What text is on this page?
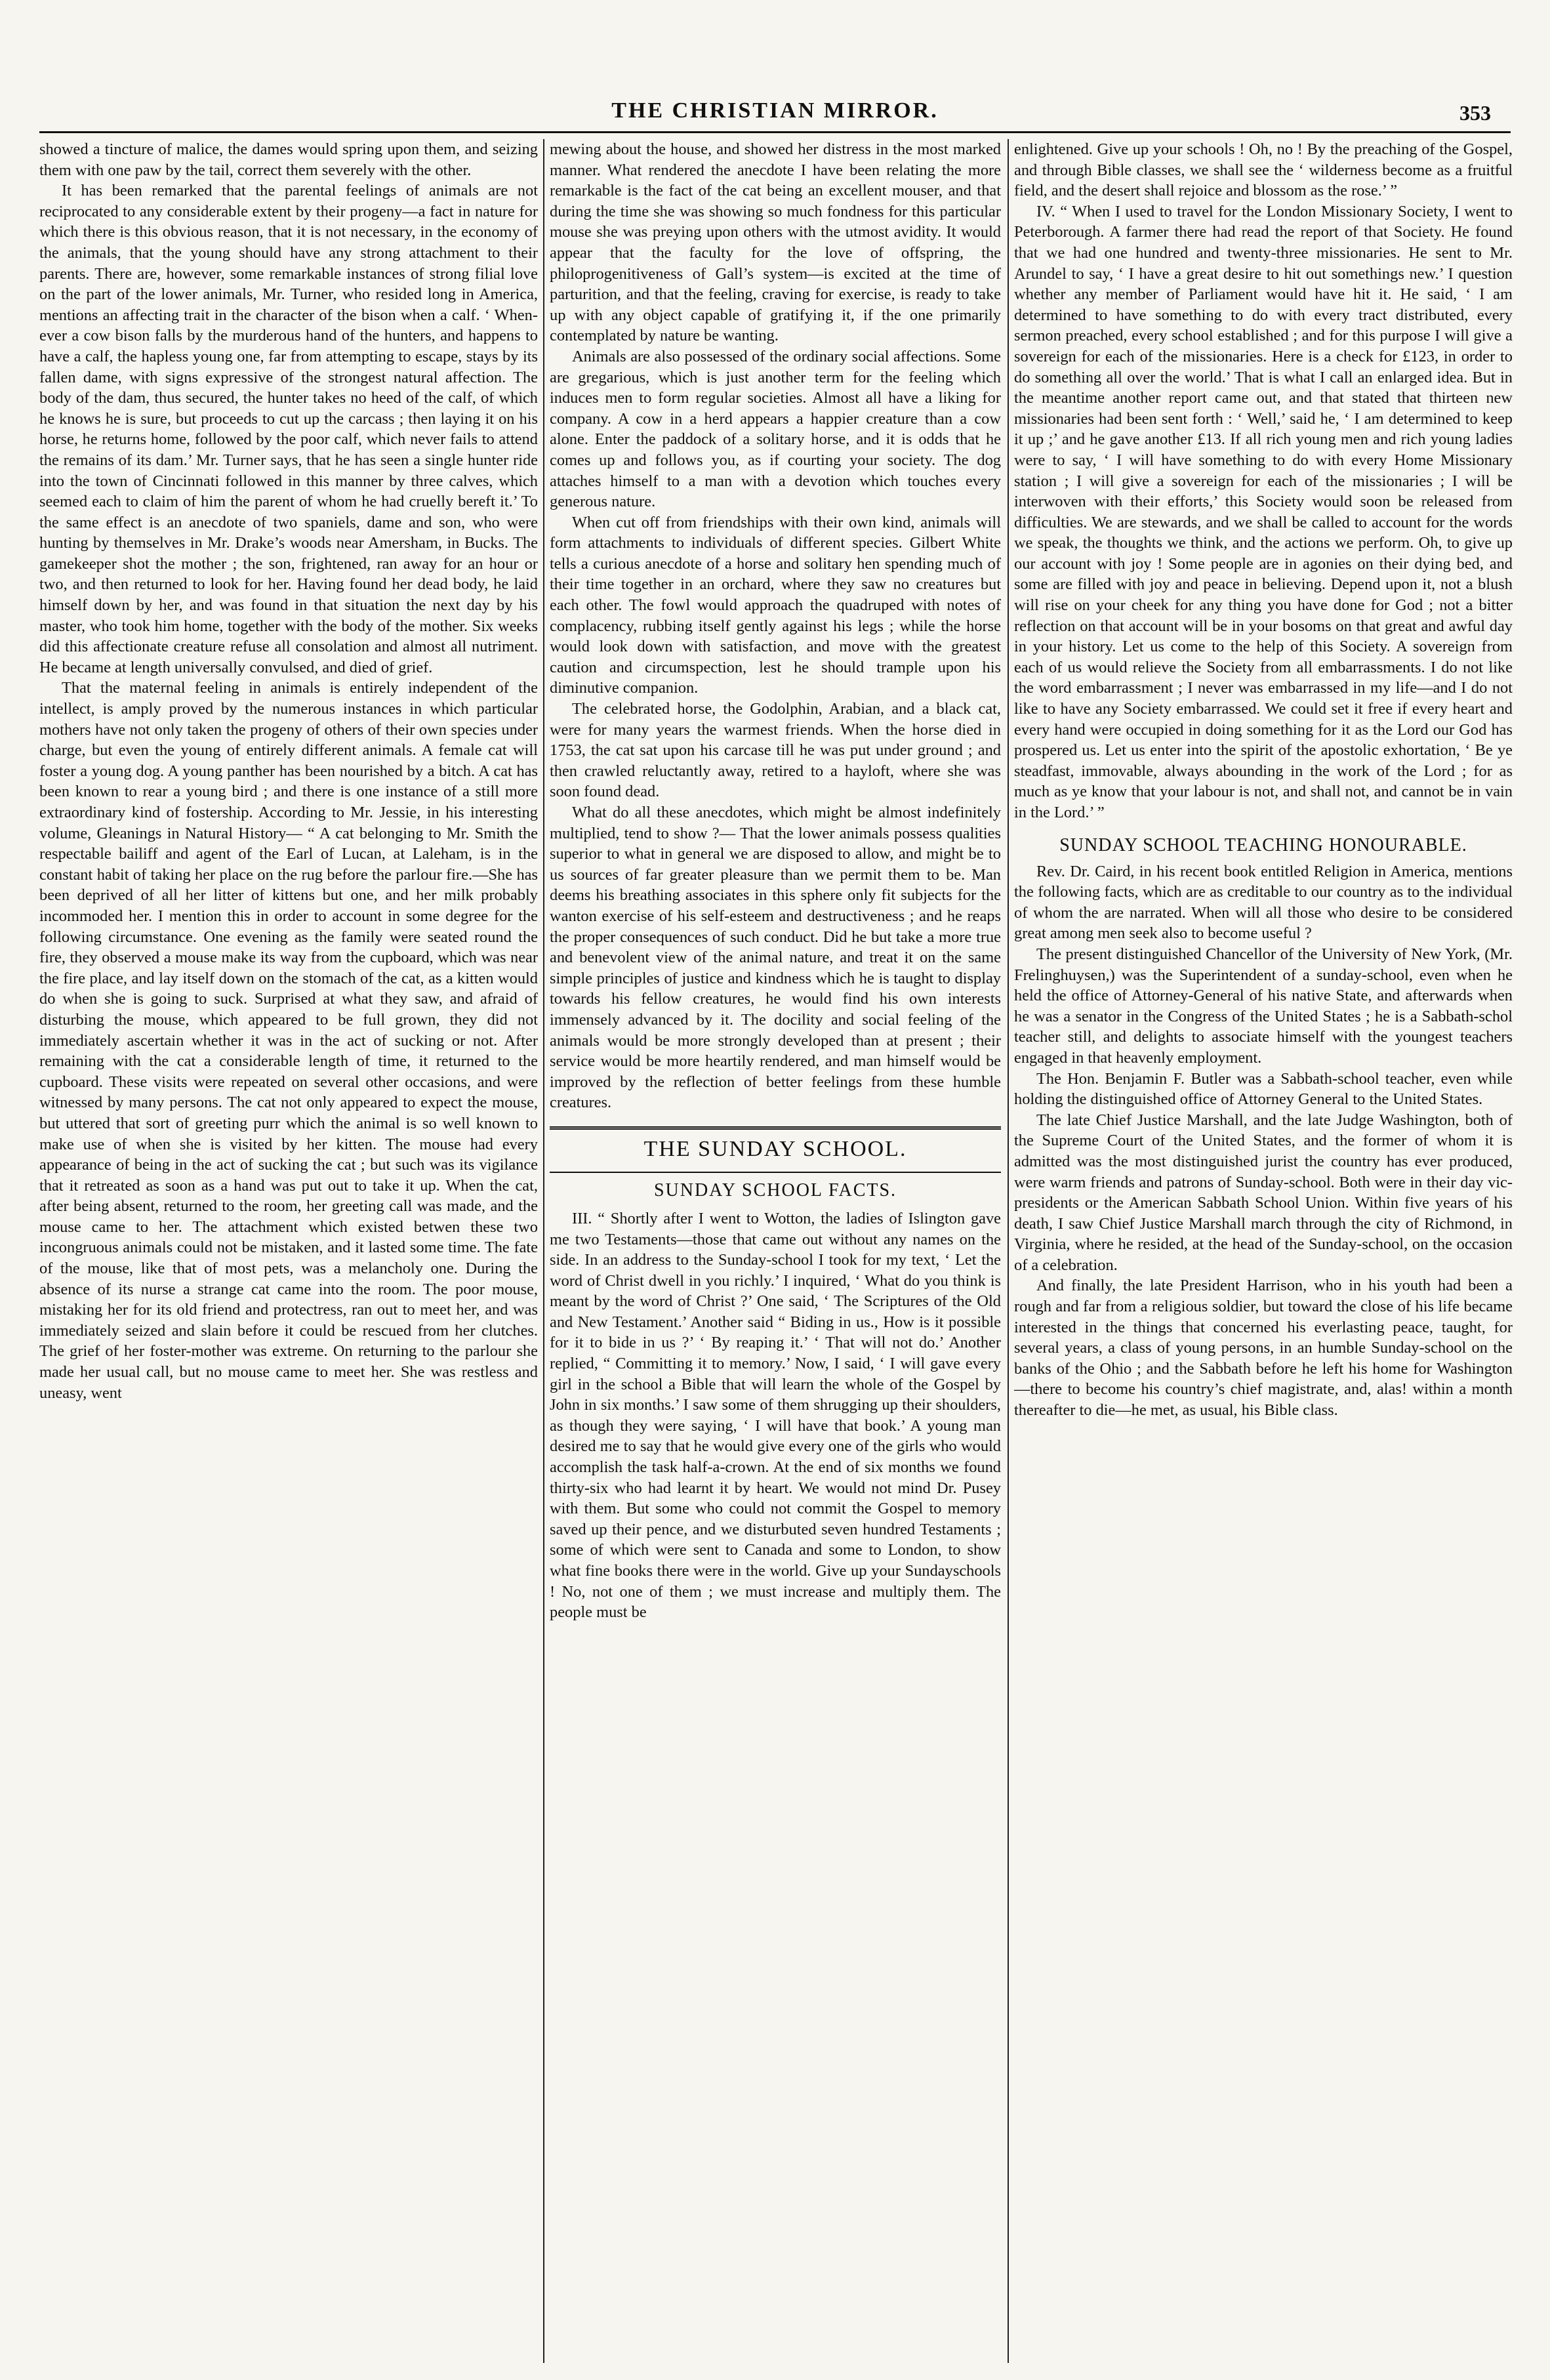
THE CHRISTIAN MIRROR.	353

showed a tincture of malice, the dames would spring upon them, and seizing them with one paw by the tail, correct them severely with the other.

It has been remarked that the parental feelings of animals are not reciprocated to any considerable extent by their progeny—a fact in nature for which there is this obvious reason, that it is not necessary, in the economy of the animals, that the young should have any strong attachment to their parents. There are, however, some remarkable instances of strong filial love on the part of the lower animals, Mr. Turner, who resided long in America, mentions an affecting trait in the character of the bison when a calf. ‘ When-ever a cow bison falls by the murderous hand of the hunters, and happens to have a calf, the hapless young one, far from attempting to escape, stays by its fallen dame, with signs expressive of the strongest natural affection. The body of the dam, thus secured, the hunter takes no heed of the calf, of which he knows he is sure, but proceeds to cut up the carcass ; then laying it on his horse, he returns home, followed by the poor calf, which never fails to attend the remains of its dam.’ Mr. Turner says, that he has seen a single hunter ride into the town of Cincinnati followed in this manner by three calves, which seemed each to claim of him the parent of whom he had cruelly bereft it.’ To the same effect is an anecdote of two spaniels, dame and son, who were hunting by themselves in Mr. Drake’s woods near Amersham, in Bucks. The gamekeeper shot the mother ; the son, frightened, ran away for an hour or two, and then returned to look for her. Having found her dead body, he laid himself down by her, and was found in that situation the next day by his master, who took him home, together with the body of the mother. Six weeks did this affectionate creature refuse all consolation and almost all nutriment. He became at length universally convulsed, and died of grief.

That the maternal feeling in animals is entirely independent of the intellect, is amply proved by the numerous instances in which particular mothers have not only taken the progeny of others of their own species under charge, but even the young of entirely different animals. A female cat will foster a young dog. A young panther has been nourished by a bitch. A cat has been known to rear a young bird ; and there is one instance of a still more extraordinary kind of fostership. According to Mr. Jessie, in his interesting volume, Gleanings in Natural History— “ A cat belonging to Mr. Smith the respectable bailiff and agent of the Earl of Lucan, at Laleham, is in the constant habit of taking her place on the rug before the parlour fire.—She has been deprived of all her litter of kittens but one, and her milk probably incommoded her. I mention this in order to account in some degree for the following circumstance. One evening as the family were seated round the fire, they observed a mouse make its way from the cupboard, which was near the fire place, and lay itself down on the stomach of the cat, as a kitten would do when she is going to suck. Surprised at what they saw, and afraid of disturbing the mouse, which appeared to be full grown, they did not immediately ascertain whether it was in the act of sucking or not. After remaining with the cat a considerable length of time, it returned to the cupboard. These visits were repeated on several other occasions, and were witnessed by many persons. The cat not only appeared to expect the mouse, but uttered that sort of greeting purr which the animal is so well known to make use of when she is visited by her kitten. The mouse had every appearance of being in the act of sucking the cat ; but such was its vigilance that it retreated as soon as a hand was put out to take it up. When the cat, after being absent, returned to the room, her greeting call was made, and the mouse came to her. The attachment which existed betwen these two incongruous animals could not be mistaken, and it lasted some time. The fate of the mouse, like that of most pets, was a melancholy one. During the absence of its nurse a strange cat came into the room. The poor mouse, mistaking her for its old friend and protectress, ran out to meet her, and was immediately seized and slain before it could be rescued from her clutches. The grief of her foster-mother was extreme. On returning to the parlour she made her usual call, but no mouse came to meet her. She was restless and uneasy, went

mewing about the house, and showed her distress in the most marked manner. What rendered the anecdote I have been relating the more remarkable is the fact of the cat being an excellent mouser, and that during the time she was showing so much fondness for this particular mouse she was preying upon others with the utmost avidity. It would appear that the faculty for the love of offspring, the philoprogenitiveness of Gall’s system—is excited at the time of parturition, and that the feeling, craving for exercise, is ready to take up with any object capable of gratifying it, if the one primarily contemplated by nature be wanting.

Animals are also possessed of the ordinary social affections. Some are gregarious, which is just another term for the feeling which induces men to form regular societies. Almost all have a liking for company. A cow in a herd appears a happier creature than a cow alone. Enter the paddock of a solitary horse, and it is odds that he comes up and follows you, as if courting your society. The dog attaches himself to a man with a devotion which touches every generous nature.

When cut off from friendships with their own kind, animals will form attachments to individuals of different species. Gilbert White tells a curious anecdote of a horse and solitary hen spending much of their time together in an orchard, where they saw no creatures but each other. The fowl would approach the quadruped with notes of complacency, rubbing itself gently against his legs ; while the horse would look down with satisfaction, and move with the greatest caution and circumspection, lest he should trample upon his diminutive companion.

The celebrated horse, the Godolphin, Arabian, and a black cat, were for many years the warmest friends. When the horse died in 1753, the cat sat upon his carcase till he was put under ground ; and then crawled reluctantly away, retired to a hayloft, where she was soon found dead.

What do all these anecdotes, which might be almost indefinitely multiplied, tend to show ?— That the lower animals possess qualities superior to what in general we are disposed to allow, and might be to us sources of far greater pleasure than we permit them to be. Man deems his breathing associates in this sphere only fit subjects for the wanton exercise of his self-esteem and destructiveness ; and he reaps the proper consequences of such conduct. Did he but take a more true and benevolent view of the animal nature, and treat it on the same simple principles of justice and kindness which he is taught to display towards his fellow creatures, he would find his own interests immensely advanced by it. The docility and social feeling of the animals would be more strongly developed than at present ; their service would be more heartily rendered, and man himself would be improved by the reflection of better feelings from these humble creatures.

THE SUNDAY SCHOOL.
SUNDAY SCHOOL FACTS.

III. “ Shortly after I went to Wotton, the ladies of Islington gave me two Testaments—those that came out without any names on the side. In an address to the Sunday-school I took for my text, ‘ Let the word of Christ dwell in you richly.’ I inquired, ‘ What do you think is meant by the word of Christ ?’ One said, ‘ The Scriptures of the Old and New Testament.’ Another said “ Biding in us., How is it possible for it to bide in us ?’ ‘ By reaping it.’ ‘ That will not do.’ Another replied, “ Committing it to memory.’ Now, I said, ‘ I will gave every girl in the school a Bible that will learn the whole of the Gospel by John in six months.’ I saw some of them shrugging up their shoulders, as though they were saying, ‘ I will have that book.’ A young man desired me to say that he would give every one of the girls who would accomplish the task half-a-crown. At the end of six months we found thirty-six who had learnt it by heart. We would not mind Dr. Pusey with them. But some who could not commit the Gospel to memory saved up their pence, and we disturbuted seven hundred Testaments ; some of which were sent to Canada and some to London, to show what fine books there were in the world. Give up your Sundayschools ! No, not one of them ; we must increase and multiply them. The people must be

enlightened. Give up your schools ! Oh, no ! By the preaching of the Gospel, and through Bible classes, we shall see the ‘ wilderness become as a fruitful field, and the desert shall rejoice and blossom as the rose.’ ”

IV. “ When I used to travel for the London Missionary Society, I went to Peterborough. A farmer there had read the report of that Society. He found that we had one hundred and twenty-three missionaries. He sent to Mr. Arundel to say, ‘ I have a great desire to hit out somethings new.’ I question whether any member of Parliament would have hit it. He said, ‘ I am determined to have something to do with every tract distributed, every sermon preached, every school established ; and for this purpose I will give a sovereign for each of the missionaries. Here is a check for £123, in order to do something all over the world.’ That is what I call an enlarged idea. But in the meantime another report came out, and that stated that thirteen new missionaries had been sent forth : ‘ Well,’ said he, ‘ I am determined to keep it up ;’ and he gave another £13. If all rich young men and rich young ladies were to say, ‘ I will have something to do with every Home Missionary station ; I will give a sovereign for each of the missionaries ; I will be interwoven with their efforts,’ this Society would soon be released from difficulties. We are stewards, and we shall be called to account for the words we speak, the thoughts we think, and the actions we perform. Oh, to give up our account with joy ! Some people are in agonies on their dying bed, and some are filled with joy and peace in believing. Depend upon it, not a blush will rise on your cheek for any thing you have done for God ; not a bitter reflection on that account will be in your bosoms on that great and awful day in your history. Let us come to the help of this Society. A sovereign from each of us would relieve the Society from all embarrassments. I do not like the word embarrassment ; I never was embarrassed in my life—and I do not like to have any Society embarrassed. We could set it free if every heart and every hand were occupied in doing something for it as the Lord our God has prospered us. Let us enter into the spirit of the apostolic exhortation, ‘ Be ye steadfast, immovable, always abounding in the work of the Lord ; for as much as ye know that your labour is not, and shall not, and cannot be in vain in the Lord.’ ”

SUNDAY SCHOOL TEACHING HONOURABLE.

Rev. Dr. Caird, in his recent book entitled Religion in America, mentions the following facts, which are as creditable to our country as to the individual of whom the are narrated. When will all those who desire to be considered great among men seek also to become useful ?

The present distinguished Chancellor of the University of New York, (Mr. Frelinghuysen,) was the Superintendent of a sunday-school, even when he held the office of Attorney-General of his native State, and afterwards when he was a senator in the Congress of the United States ; he is a Sabbath-schol teacher still, and delights to associate himself with the youngest teachers engaged in that heavenly employment.

The Hon. Benjamin F. Butler was a Sabbath-school teacher, even while holding the distinguished office of Attorney General to the United States.

The late Chief Justice Marshall, and the late Judge Washington, both of the Supreme Court of the United States, and the former of whom it is admitted was the most distinguished jurist the country has ever produced, were warm friends and patrons of Sunday-school. Both were in their day vic-presidents or the American Sabbath School Union. Within five years of his death, I saw Chief Justice Marshall march through the city of Richmond, in Virginia, where he resided, at the head of the Sunday-school, on the occasion of a celebration.

And finally, the late President Harrison, who in his youth had been a rough and far from a religious soldier, but toward the close of his life became interested in the things that concerned his everlasting peace, taught, for several years, a class of young persons, in an humble Sunday-school on the banks of the Ohio ; and the Sabbath before he left his home for Washington—there to become his country’s chief magistrate, and, alas! within a month thereafter to die—he met, as usual, his Bible class.
